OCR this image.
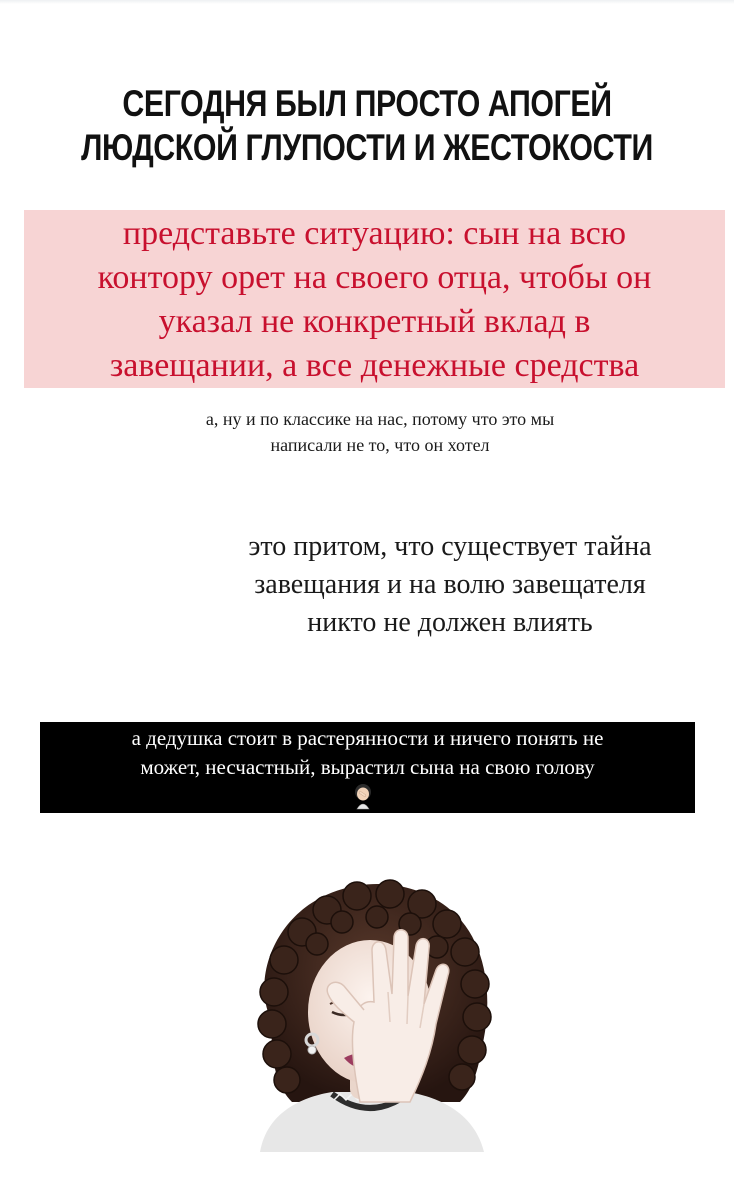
СЕГОДНЯ БЫЛ ПРОСТО АПОГЕЙ
ЛЮДСКОЙ ГЛУПОСТИ И ЖЕСТОКОСТИ
представьте ситуацию: сын на всю
контору орет на своего отца, чтобы он
указал не конкретный вклад в
завещании, а все денежные средства
а, ну и по классике на нас, потому что это мы
написали не то, что он хотел
это притом, что существует тайна
завещания и на волю завещателя
никто не должен влиять
а дедушка стоит в растерянности и ничего понять не
может, несчастный, вырастил сына на свою голову
